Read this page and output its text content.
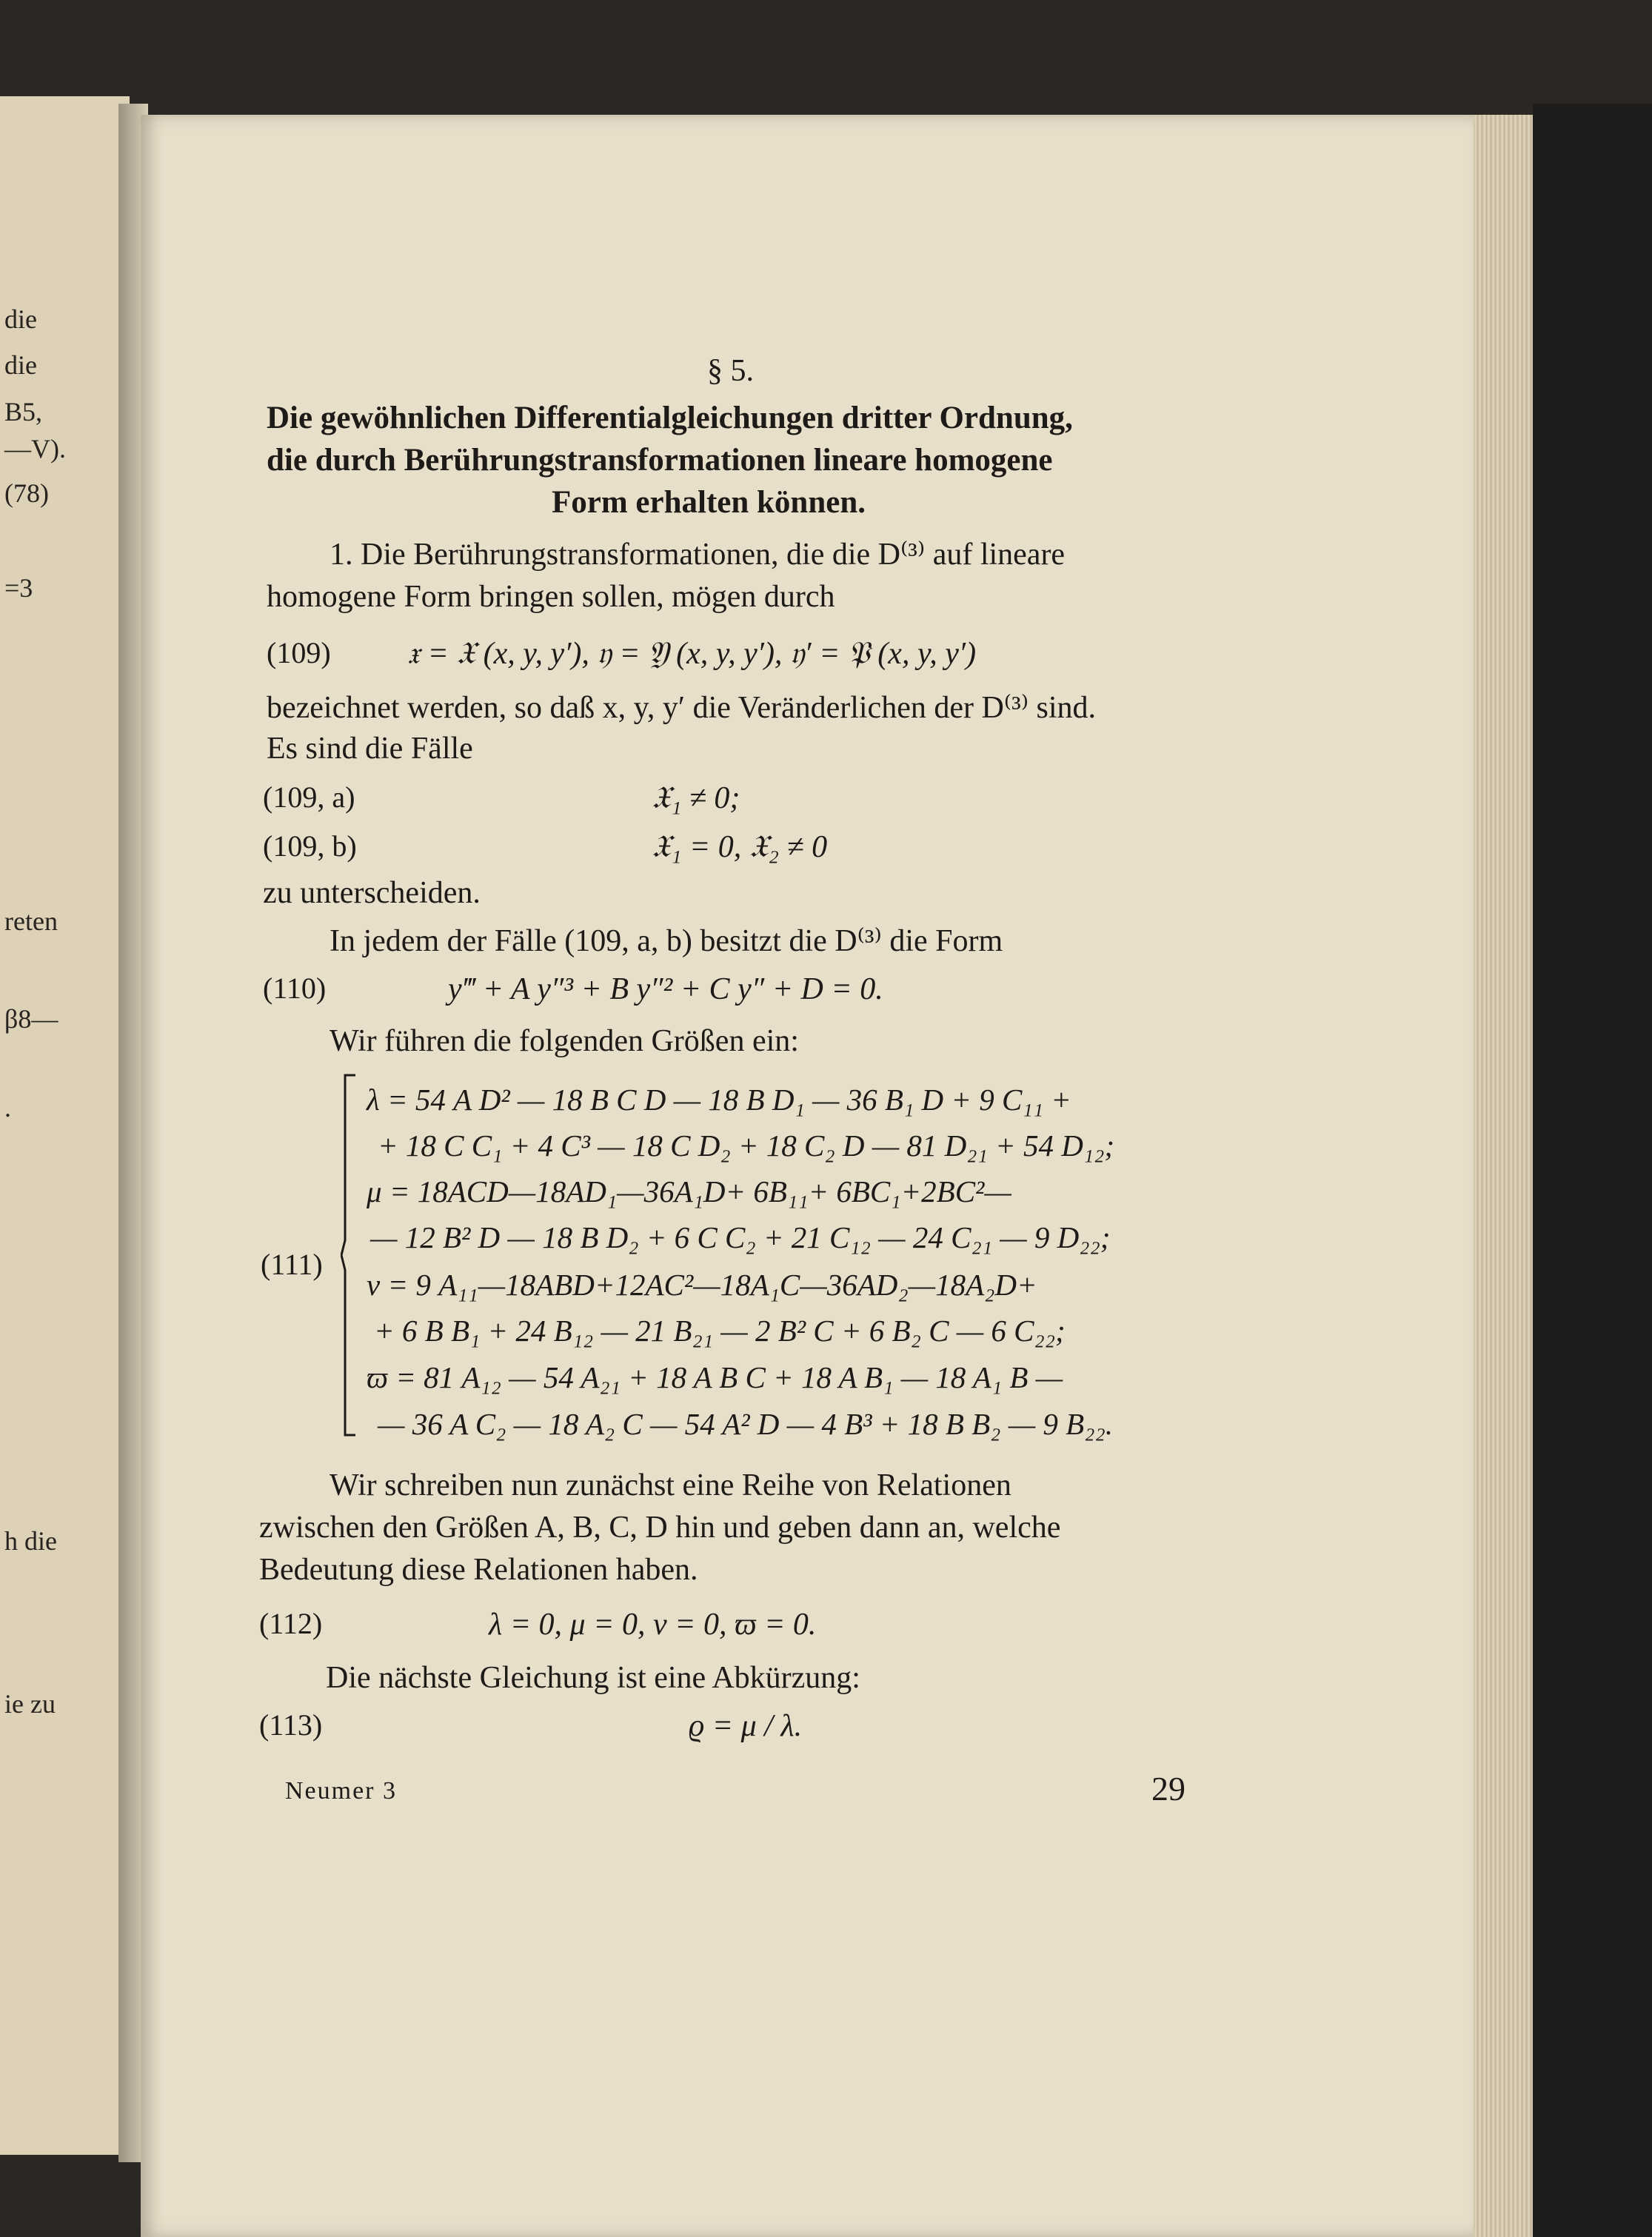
die
die
B5,
—V).
(78)
=3
reten
β8—
.
h die
ie zu
§ 5.
Die gewöhnlichen Differentialgleichungen dritter Ordnung,
die durch Berührungstransformationen lineare homogene
Form erhalten können.
1. Die Berührungstransformationen, die die D⁽³⁾ auf lineare
homogene Form bringen sollen, mögen durch
(109) 𝔵 = 𝔛 (x, y, y′), 𝔶 = 𝔜 (x, y, y′), 𝔶′ = 𝔓 (x, y, y′)
bezeichnet werden, so daß x, y, y′ die Veränderlichen der D⁽³⁾ sind.
Es sind die Fälle
(109, a)	𝔛₁ ≠ 0;
(109, b)	𝔛₁ = 0, 𝔛₂ ≠ 0
zu unterscheiden.
In jedem der Fälle (109, a, b) besitzt die D⁽³⁾ die Form
(110)	y‴ + A y″³ + B y″² + C y″ + D = 0.
Wir führen die folgenden Größen ein:
(111)
λ = 54 A D² — 18 B C D — 18 B D₁ — 36 B₁ D + 9 C₁₁ +
+ 18 C C₁ + 4 C³ — 18 C D₂ + 18 C₂ D — 81 D₂₁ + 54 D₁₂;
μ = 18ACD—18AD₁—36A₁D+ 6B₁₁+ 6BC₁+2BC²—
— 12 B² D — 18 B D₂ + 6 C C₂ + 21 C₁₂ — 24 C₂₁ — 9 D₂₂;
ν = 9 A₁₁—18ABD+12AC²—18A₁C—36AD₂—18A₂D+
+ 6 B B₁ + 24 B₁₂ — 21 B₂₁ — 2 B² C + 6 B₂ C — 6 C₂₂;
ϖ = 81 A₁₂ — 54 A₂₁ + 18 A B C + 18 A B₁ — 18 A₁ B —
— 36 A C₂ — 18 A₂ C — 54 A² D — 4 B³ + 18 B B₂ — 9 B₂₂.
Wir schreiben nun zunächst eine Reihe von Relationen
zwischen den Größen A, B, C, D hin und geben dann an, welche
Bedeutung diese Relationen haben.
(112)	λ = 0, μ = 0, ν = 0, ϖ = 0.
Die nächste Gleichung ist eine Abkürzung:
(113)	ϱ = μ / λ.
Neumer 3	29
